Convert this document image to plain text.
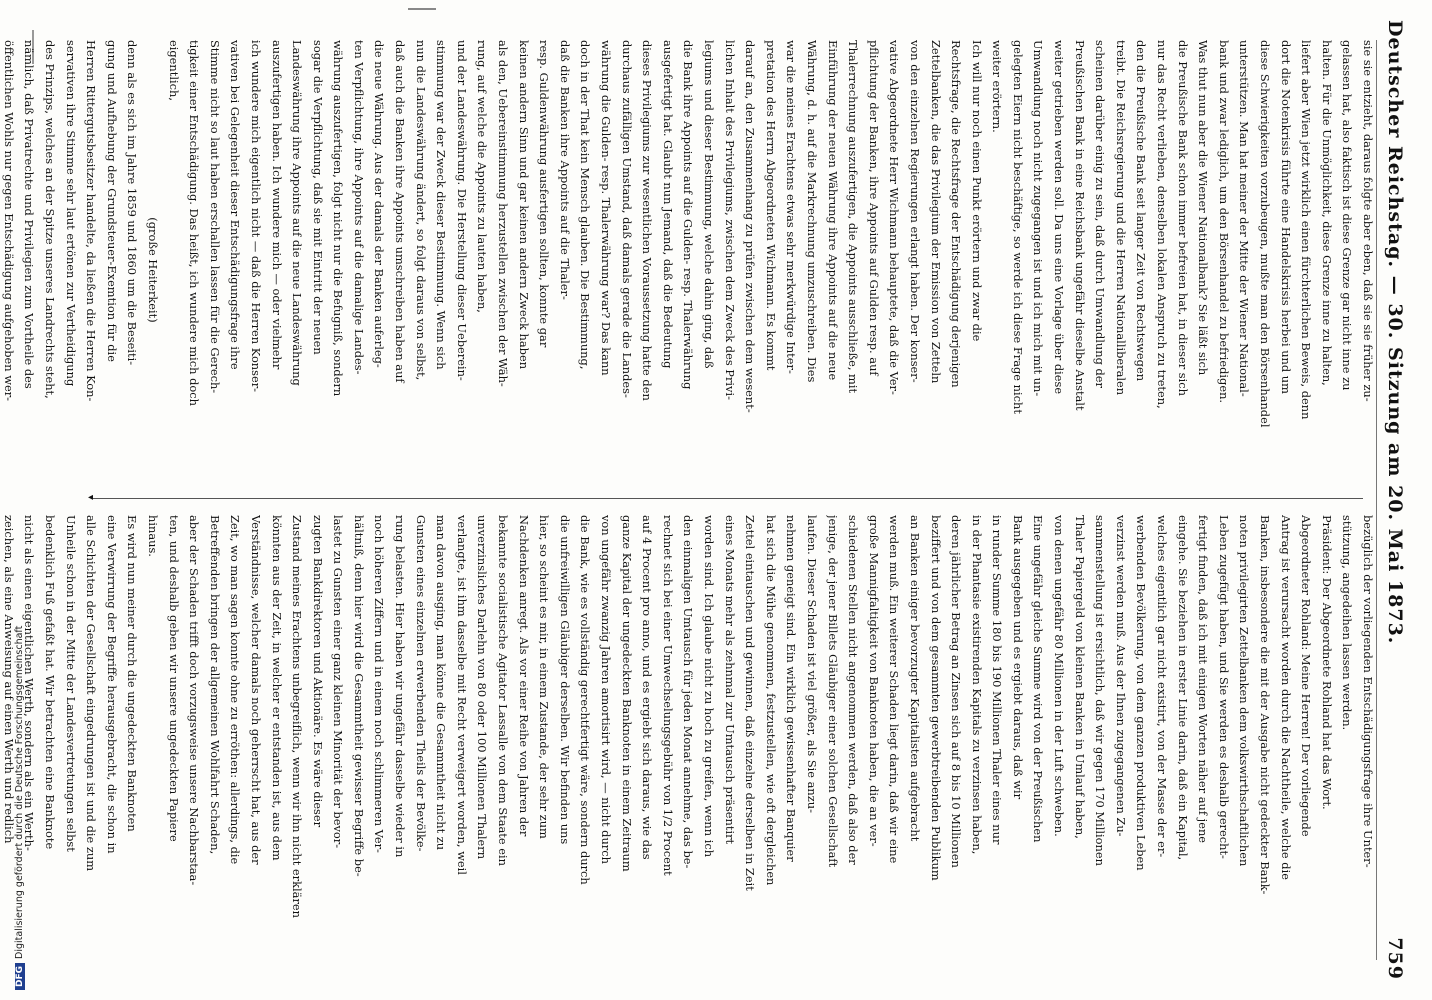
◂	Deutscher Reichstag. — 30. Sitzung am 20. Mai 1873.
759
bezüglich der vorliegenden Entschädigungsfrage ihre Unter-
stützung, angedeihen lassen werden.
Präsident: Der Abgeordnete Rohland hat das Wort.
Abgeordneter Rohland: Meine Herren! Der vorliegende
Antrag ist verursacht worden durch die Nachtheile, welche die
Banken, insbesondere die mit der Ausgabe nicht gedeckter Bank-
noten privilegirten Zettelbanken dem volkswirthschaftlichen
Leben zugefügt haben, und Sie werden es deshalb gerecht-
fertigt finden, daß ich mit einigen Worten näher auf jene
eingehe. Sie beziehen in erster Linie darin, daß ein Kapital,
welches eigentlich gar nicht existirt, von der Masse der er-
werbenden Bevölkerung, von dem ganzen produktiven Leben
verzinst werden muß. Aus der Ihnen zugegangenen Zu-
sammenstellung ist ersichtlich, daß wir gegen 170 Millionen
Thaler Papiergeld von kleinen Banken in Umlauf haben,
von denen ungefähr 80 Millionen in der Luft schweben.
Eine ungefähr gleiche Summe wird von der Preußischen
Bank ausgegeben und es ergiebt daraus, daß wir
in runder Summe 180 bis 190 Millionen Thaler eines nur
in der Phantasie existirenden Kapitals zu verzinsen haben,
deren jährlicher Betrag an Zinsen sich auf 8 bis 10 Millionen
beziffert und von dem gesammten gewerbtreibenden Publikum
an Banken einiger bevorzugter Kapitalisten aufgebracht
werden muß. Ein weiterer Schaden liegt darin, daß wir eine
große Mannigfaltigkeit von Banknoten haben, die an ver-
schiedenen Stellen nicht angenommen werden, daß also der
jenige, der jener Billets Gläubiger einer solchen Gesellschaft
laufen. Dieser Schaden ist viel größer, als Sie anzu-
nehmen geneigt sind. Ein wirklich gewissenhafter Banquier
hat sich die Mühe genommen, festzustellen, wie oft dergleichen
Zettel eintauschen und gewinnen, daß einzelne derselben in Zeit
eines Monats mehr als zehnmal zur Umtausch präsentirt
worden sind. Ich glaube nicht zu hoch zu greifen, wenn ich
den einmaligen Umtausch für jeden Monat annehme, das be-
rechnet sich bei einer Umwechselungsgebühr von 1/2 Procent
auf 4 Procent pro anno, und es ergiebt sich daraus, wie das
ganze Kapital der ungedeckten Banknoten in einem Zeitraum
von ungefähr zwanzig Jahren amortisirt wird, — nicht durch
die Bank, wie es vollständig gerechtfertigt wäre, sondern durch
die unfreiwilligen Gläubiger derselben. Wir befinden uns
hier, so scheint es mir, in einem Zustande, der sehr zum
Nachdenken anregt. Als vor einer Reihe von Jahren der
bekannte socialistische Agitator Lassalle von dem Staate ein
unverzinsliches Darlehn von 80 oder 100 Millionen Thalern
verlangte, ist ihm dasselbe mit Recht verweigert worden, weil
man davon ausging, man könne die Gesammtheit nicht zu
Gunsten eines einzelnen erwerbenden Theils der Bevölke-
rung belasten. Hier haben wir ungefähr dasselbe wieder in
noch höheren Ziffern und in einem noch schlimmeren Ver-
hältniß, denn hier wird die Gesammtheit gewisser Begriffe be-
lastet zu Gunsten einer ganz kleinen Minorität der bevor-
zugten Bankdirektoren und Aktionäre. Es wäre dieser
Zustand meines Erachtens unbegreiflich, wenn wir ihn nicht erklären
könnten aus der Zeit, in welcher er entstanden ist, aus dem
Verständnisse, welcher damals noch geherrscht hat, aus der
Zeit, wo man sagen konnte ohne zu erröthen: allerdings, die
Betreffenden bringen der allgemeinen Wohlfahrt Schaden,
aber der Schaden trifft doch vorzugsweise unsere Nachbarstaa-
ten, und deshalb geben wir unsere ungedeckten Papiere
hinaus.
Es wird nun meiner durch die ungedeckten Banknoten
eine Verwirrung der Begriffe herausgebracht, die schon in
alle Schichten der Gesellschaft eingedrungen ist und die zum
Unheile schon in der Mitte der Landesvertretungen selbst
bedenklich Fuß gefaßt hat. Wir betrachten eine Banknote
nicht als einen eigentlichen Werth, sondern als ein Werth-
zeichen, als eine Anweisung auf einen Werth und redlich
sie sie entzieht, daraus folgte aber eben, daß sie sie früher zu-
gelassen hat, also faktisch ist diese Grenze gar nicht inne zu
halten. Für die Unmöglichkeit, diese Grenze inne zu halten,
liefert aber Wien jetzt wirklich einen fürchterlichen Beweis, denn
dort die Notenkrisis führte eine Handelskrisis herbei und um
diese Schwierigkeiten vorzubeugen, mußte man den Börsenhandel
unterstützen. Man hat meiner der Mitte der Wiener National-
bank und zwar lediglich, um den Börsenhandel zu befriedigen.
Was thut nun aber die Wiener Nationalbank? Sie läßt sich
die Preußische Bank schon immer befreien hat, in dieser sich
nur das Recht verlieben, denselben lokalen Anspruch zu treten,
den die Preußische Bank seit langer Zeit von Rechtswegen
treibt. Die Reichsregierung und die Herren Nationalliberalen
scheinen darüber einig zu sein, daß durch Umwandlung der
Preußischen Bank in eine Reichsbank ungefähr dieselbe Anstalt
weiter getrieben werden soll. Da uns eine Vorlage über diese
Umwandlung noch nicht zugegangen ist und ich mich mit un-
gelegten Eiern nicht beschäftige, so werde ich diese Frage nicht
weiter erörtern.
Ich will nur noch einen Punkt erörtern und zwar die
Rechtsfrage, die Rechtsfrage der Entschädigung derjenigen
Zettelbanken, die das Privilegium der Emission von Zetteln
von den einzelnen Regierungen erlangt haben. Der konser-
vative Abgeordnete Herr Wichmann behauptete, daß die Ver-
pflichtung der Banken, ihre Appoints auf Gulden resp. auf
Thalerrechnung auszufertigen, die Appoints ausschließe, mit
Einführung der neuen Währung ihre Appoints auf die neue
Währung, d. h. auf die Markrechnung umzuschreiben. Dies
war die meines Erachtens etwas sehr merkwürdige Inter-
pretation des Herrn Abgeordneten Wichmann. Es kommt
darauf an, den Zusammenhang zu prüfen zwischen dem wesent-
lichen Inhalt des Privilegiums, zwischen dem Zweck des Privi-
legiums und dieser Bestimmung, welche dahin ging, daß
die Bank ihre Appoints auf die Gulden- resp. Thalerwährung
ausgefertigt hat. Glaubt nun Jemand, daß die Bedeutung
dieses Privilegiums zur wesentlichen Voraussetzung hatte den
durchaus zufälligen Umstand, daß damals gerade die Landes-
währung die Gulden- resp. Thalerwährung war? Das kann
doch in der That kein Mensch glauben. Die Bestimmung,
daß die Banken ihre Appoints auf die Thaler-
resp. Guldenwährung ausfertigen sollten, konnte gar
keinen andern Sinn und gar keinen andern Zweck haben
als den, Uebereinstimmung herzustellen zwischen der Wäh-
rung, auf welche die Appoints zu lauten haben,
und der Landeswährung. Die Herstellung dieser Ueberein-
stimmung war der Zweck dieser Bestimmung. Wenn sich
nun die Landeswährung ändert, so folgt daraus von selbst,
daß auch die Banken ihre Appoints umschreiben haben auf
die neue Währung. Aus der damals der Banken auferleg-
ten Verpflichtung, ihre Appoints auf die damalige Landes-
währung auszufertigen, folgt nicht nur die Befugniß, sondern
sogar die Verpflichtung, daß sie mit Eintritt der neuen
Landeswährung ihre Appoints auf die neue Landeswährung
auszufertigen haben. Ich wundere mich — oder vielmehr
ich wundere mich eigentlich nicht — daß die Herren Konser-
vativen bei Gelegenheit dieser Entschädigungsfrage ihre
Stimme nicht so laut haben erschallen lassen für die Gerech-
tigkeit einer Entschädigung. Das heißt, ich wundere mich doch
eigentlich,
(große Heiterkeit)
denn als es sich im Jahre 1859 und 1860 um die Beseiti-
gung und Aufhebung der Grundsteuer-Exemtion für die
Herren Rittergutsbesitzer handelte, da ließen die Herren Kon-
servativen ihre Stimme sehr laut ertönen zur Vertheidigung
des Prinzips, welches an der Spitze unseres Landrechts steht,
nämlich, daß Privatrechte und Privilegien zum Vortheile des
öffentlichen Wohls nur gegen Entschädigung aufgehoben wer-
DFGDigitalisierung gefördert durch die Deutsche Forschungsgemeinschaft
